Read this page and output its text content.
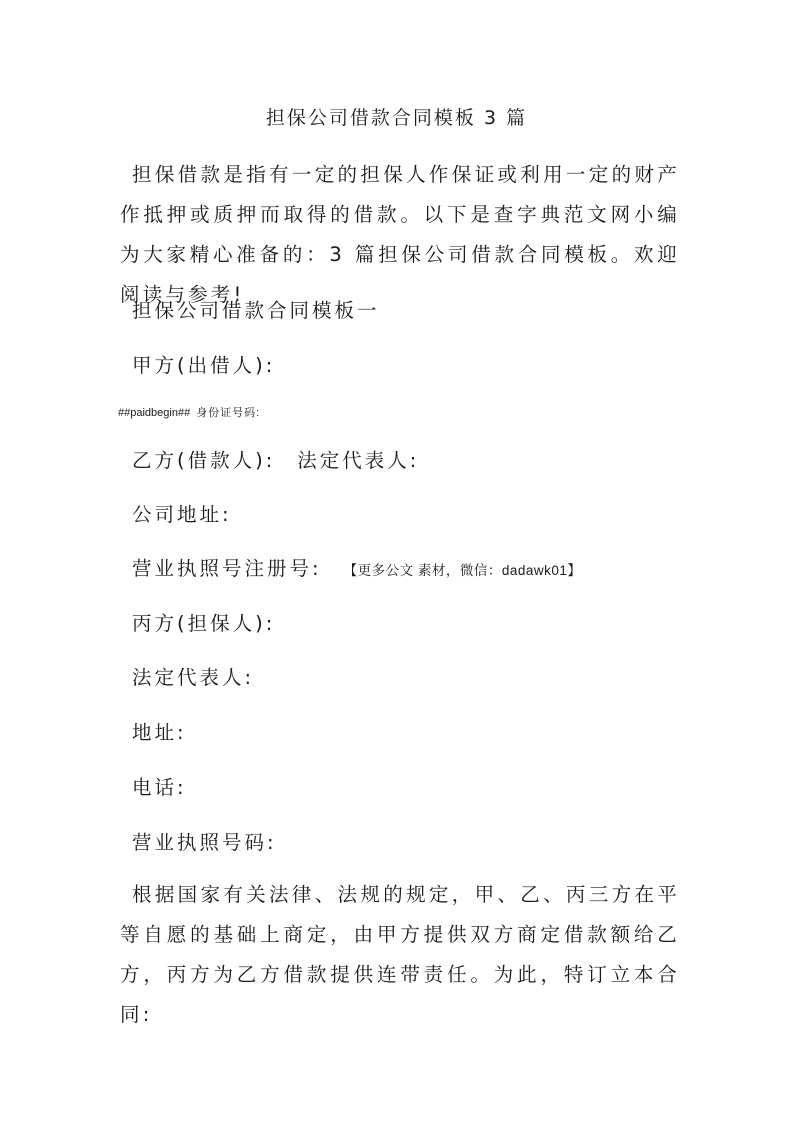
担保公司借款合同模板 3 篇
担保借款是指有一定的担保人作保证或利用一定的财产作抵押或质押而取得的借款。以下是查字典范文网小编为大家精心准备的：3 篇担保公司借款合同模板。欢迎阅读与参考!
担保公司借款合同模板一
甲方(出借人):
##paidbegin## 身份证号码:
乙方(借款人): 法定代表人:
公司地址:
营业执照号注册号: 【更多公文 素材，微信：dadawk01】
丙方(担保人):
法定代表人:
地址:
电话:
营业执照号码:
根据国家有关法律、法规的规定，甲、乙、丙三方在平等自愿的基础上商定，由甲方提供双方商定借款额给乙方，丙方为乙方借款提供连带责任。为此，特订立本合同:
